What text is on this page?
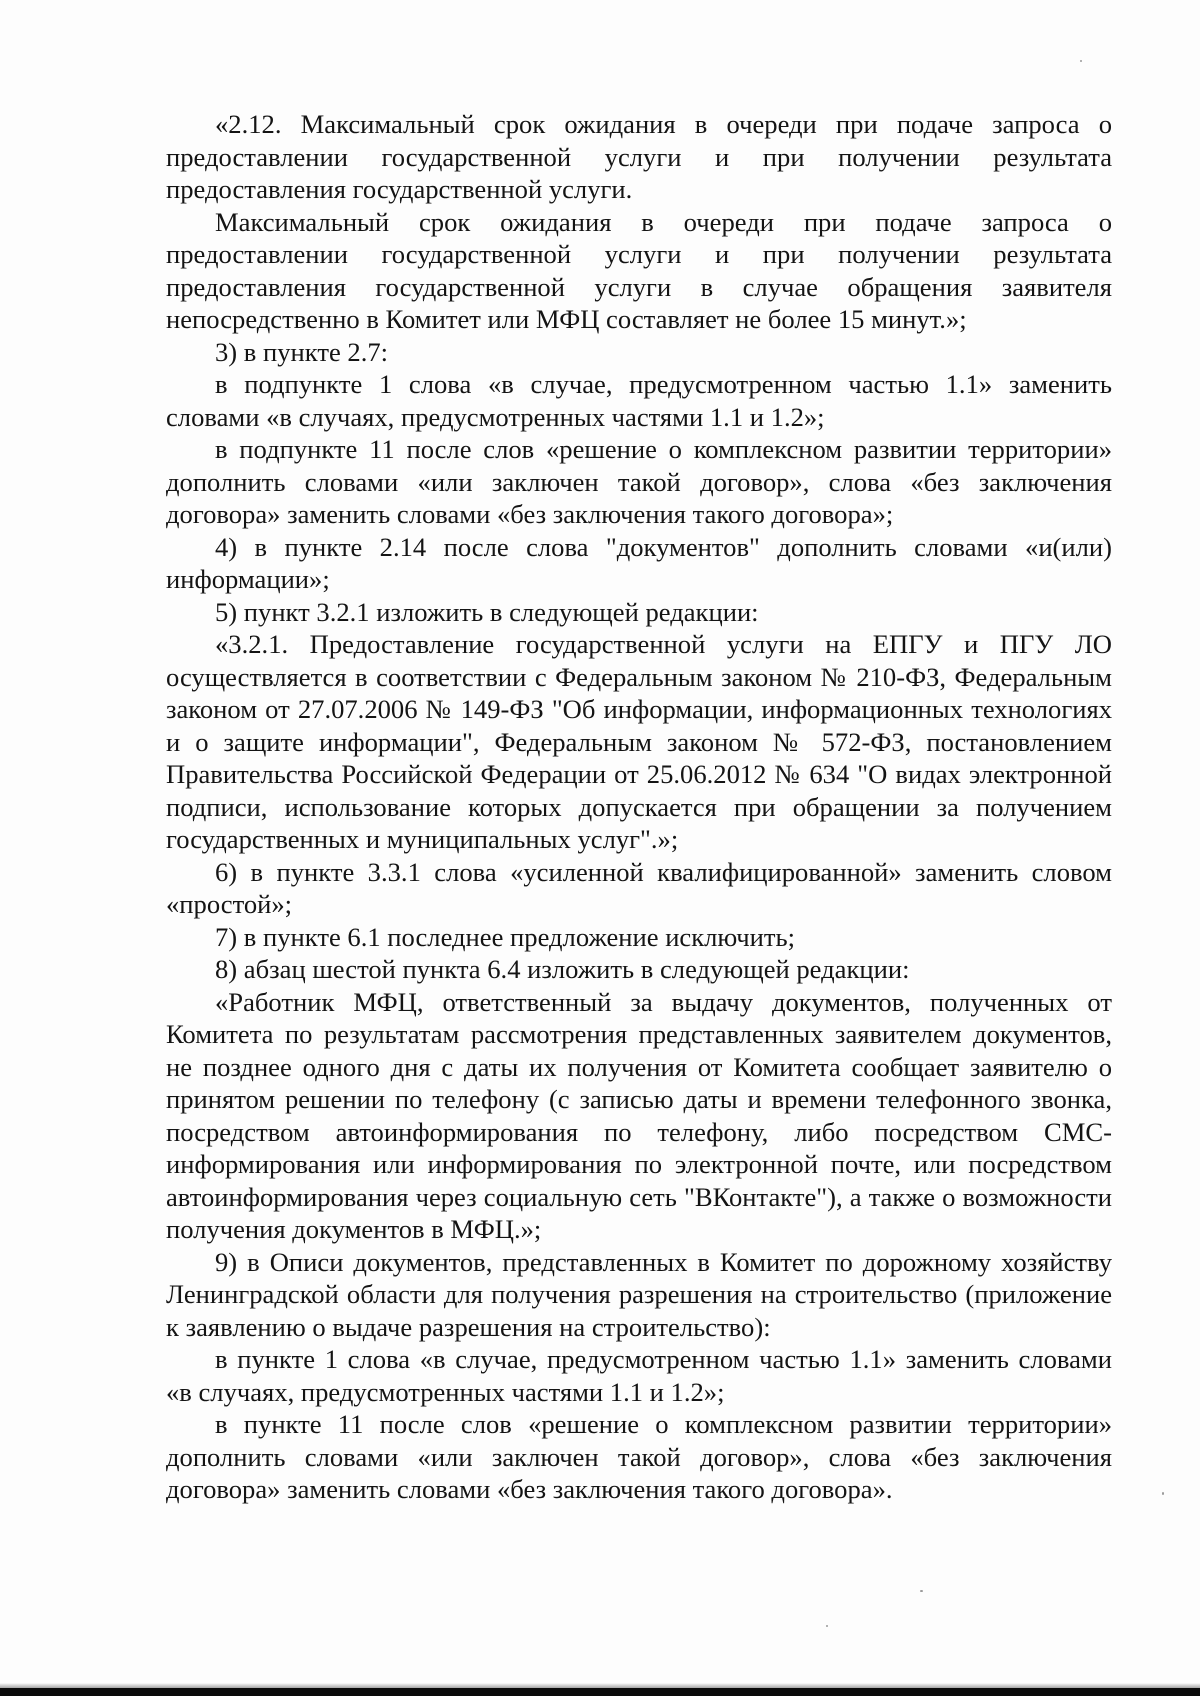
«2.12. Максимальный срок ожидания в очереди при подаче запроса о предоставлении государственной услуги и при получении результата предоставления государственной услуги.

Максимальный срок ожидания в очереди при подаче запроса о предоставлении государственной услуги и при получении результата предоставления государственной услуги в случае обращения заявителя непосредственно в Комитет или МФЦ составляет не более 15 минут.»;

3) в пункте 2.7:

в подпункте 1 слова «в случае, предусмотренном частью 1.1» заменить словами «в случаях, предусмотренных частями 1.1 и 1.2»;

в подпункте 11 после слов «решение о комплексном развитии территории» дополнить словами «или заключен такой договор», слова «без заключения договора» заменить словами «без заключения такого договора»;

4) в пункте 2.14 после слова "документов" дополнить словами «и(или) информации»;

5) пункт 3.2.1 изложить в следующей редакции:

«3.2.1. Предоставление государственной услуги на ЕПГУ и ПГУ ЛО осуществляется в соответствии с Федеральным законом № 210-ФЗ, Федеральным законом от 27.07.2006 № 149-ФЗ "Об информации, информационных технологиях и о защите информации", Федеральным законом № 572-ФЗ, постановлением Правительства Российской Федерации от 25.06.2012 № 634 "О видах электронной подписи, использование которых допускается при обращении за получением государственных и муниципальных услуг".»;

6) в пункте 3.3.1 слова «усиленной квалифицированной» заменить словом «простой»;

7) в пункте 6.1 последнее предложение исключить;

8) абзац шестой пункта 6.4 изложить в следующей редакции:

«Работник МФЦ, ответственный за выдачу документов, полученных от Комитета по результатам рассмотрения представленных заявителем документов, не позднее одного дня с даты их получения от Комитета сообщает заявителю о принятом решении по телефону (с записью даты и времени телефонного звонка, посредством автоинформирования по телефону, либо посредством СМС-информирования или информирования по электронной почте, или посредством автоинформирования через социальную сеть "ВКонтакте"), а также о возможности получения документов в МФЦ.»;

9) в Описи документов, представленных в Комитет по дорожному хозяйству Ленинградской области для получения разрешения на строительство (приложение к заявлению о выдаче разрешения на строительство):

в пункте 1 слова «в случае, предусмотренном частью 1.1» заменить словами «в случаях, предусмотренных частями 1.1 и 1.2»;

в пункте 11 после слов «решение о комплексном развитии территории» дополнить словами «или заключен такой договор», слова «без заключения договора» заменить словами «без заключения такого договора».
